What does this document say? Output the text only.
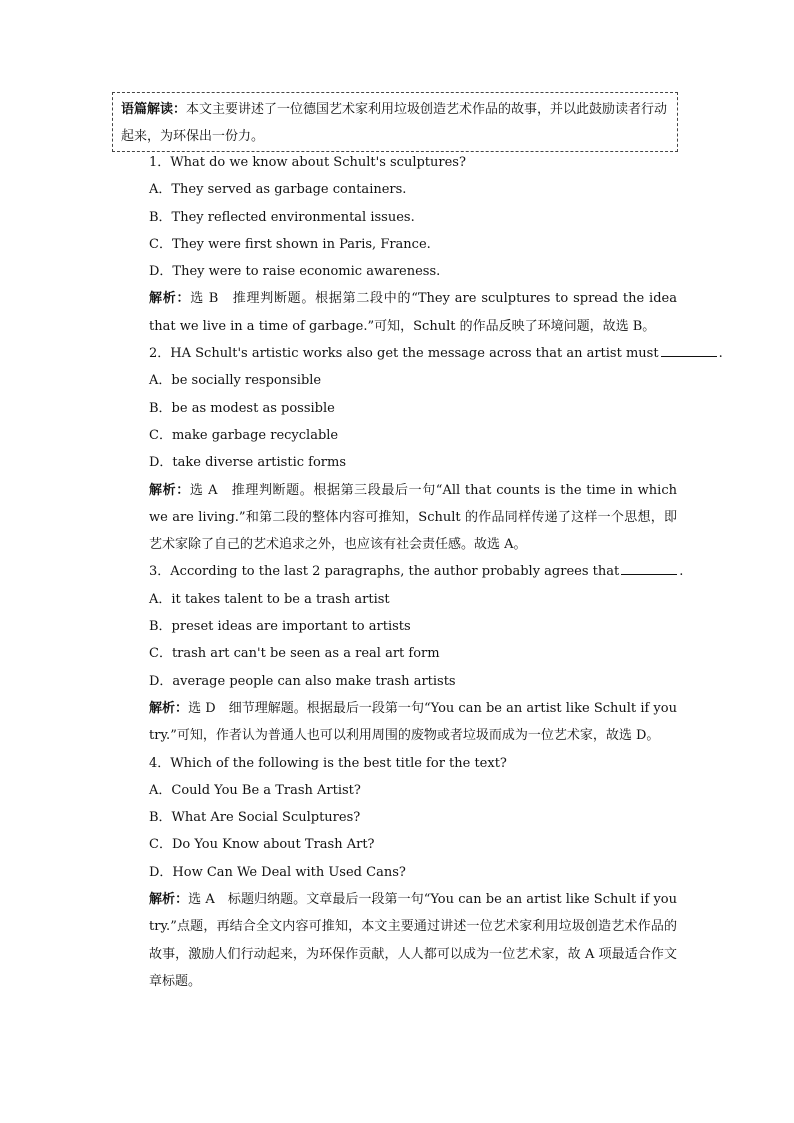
语篇解读：本文主要讲述了一位德国艺术家利用垃圾创造艺术作品的故事，并以此鼓励读者行动起来，为环保出一份力。
1．What do we know about Schult's sculptures?
A．They served as garbage containers.
B．They reflected environmental issues.
C．They were first shown in Paris, France.
D．They were to raise economic awareness.
解析：选 B　推理判断题。根据第二段中的“They are sculptures to spread the idea that we live in a time of garbage.”可知，Schult 的作品反映了环境问题，故选 B。
2．HA Schult's artistic works also get the message across that an artist must	.
A．be socially responsible
B．be as modest as possible
C．make garbage recyclable
D．take diverse artistic forms
解析：选 A　推理判断题。根据第三段最后一句“All that counts is the time in which we are living.”和第二段的整体内容可推知，Schult 的作品同样传递了这样一个思想，即艺术家除了自己的艺术追求之外，也应该有社会责任感。故选 A。
3．According to the last 2 paragraphs, the author probably agrees that	.
A．it takes talent to be a trash artist
B．preset ideas are important to artists
C．trash art can't be seen as a real art form
D．average people can also make trash artists
解析：选 D　细节理解题。根据最后一段第一句“You can be an artist like Schult if you try.”可知，作者认为普通人也可以利用周围的废物或者垃圾而成为一位艺术家，故选 D。
4．Which of the following is the best title for the text?
A．Could You Be a Trash Artist?
B．What Are Social Sculptures?
C．Do You Know about Trash Art?
D．How Can We Deal with Used Cans?
解析：选 A　标题归纳题。文章最后一段第一句“You can be an artist like Schult if you try.”点题，再结合全文内容可推知，本文主要通过讲述一位艺术家利用垃圾创造艺术作品的故事，激励人们行动起来，为环保作贡献，人人都可以成为一位艺术家，故 A 项最适合作文章标题。
